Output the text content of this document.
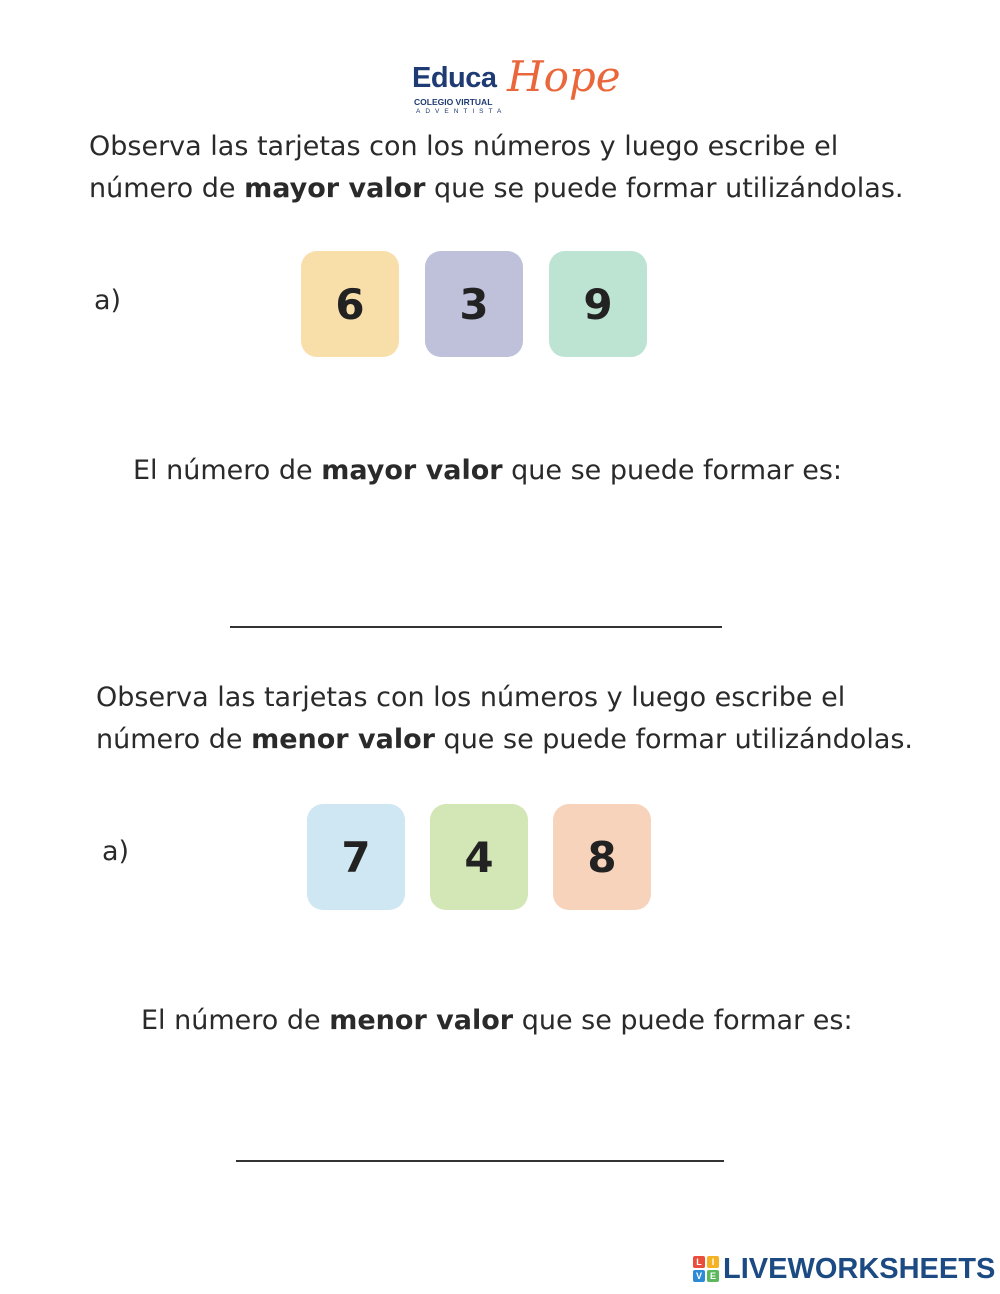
Educa Hope
COLEGIO VIRTUAL
ADVENTISTA
Observa las tarjetas con los números y luego escribe el
número de mayor valor que se puede formar utilizándolas.
a)	6	3	9
El número de mayor valor que se puede formar es:
Observa las tarjetas con los números y luego escribe el
número de menor valor que se puede formar utilizándolas.
a)	7	4	8
El número de menor valor que se puede formar es:
L	I
V E LIVEWORKSHEETS
